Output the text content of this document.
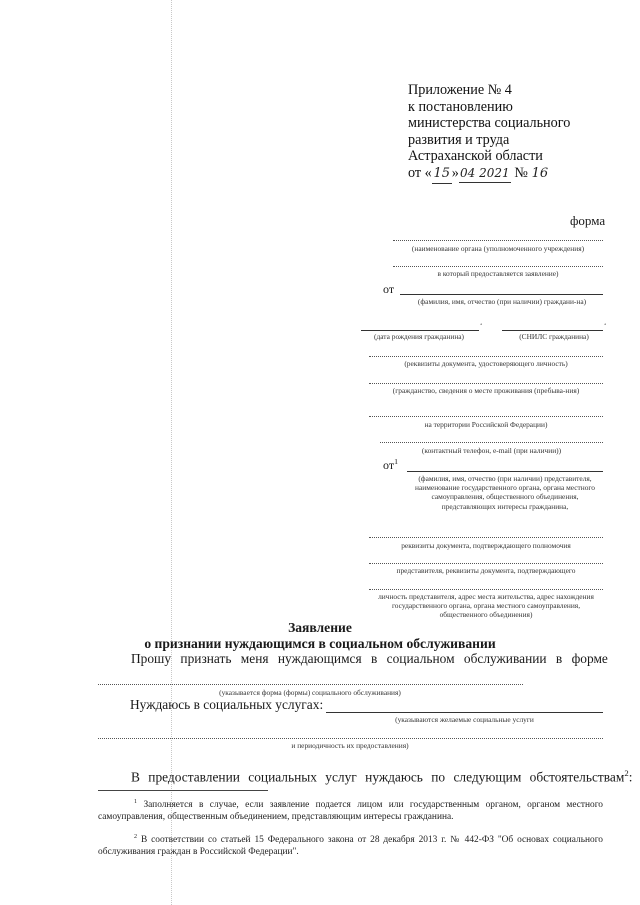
Приложение № 4
к постановлению
министерства социального
развития и труда
Астраханской области
от « 15 »04 2021 № 16
форма
(наименование органа (уполномоченного учреждения)
в который предоставляется заявление)
от
(фамилия, имя, отчество (при наличии) граждани-на)
‘
(дата рождения гражданина)
‘
(СНИЛС гражданина)
(реквизиты документа, удостоверяющего личность)
(гражданство, сведения о месте проживания (пребыва-ния)
на территории Российской Федерации)
(контактный телефон, e-mail (при наличии))
$от^1$
(фамилия, имя, отчество (при наличии) представителя, наименование государственного органа, органа местного самоуправления, общественного объединения, представляющих интересы гражданина,
реквизиты документа, подтверждающего полномочия
представителя, реквизиты документа, подтверждающего
личность представителя, адрес места жительства, адрес нахождения государственного органа, органа местного самоуправления, общественного объединения)
Заявление
о признании нуждающимся в социальном обслуживании
Прошу признать меня нуждающимся в социальном обслуживании в форме
(указывается форма (формы) социального обслуживания)
Нуждаюсь в социальных услугах:
(указываются желаемые социальные услуги
и периодичность их предоставления)
В предоставлении социальных услуг нуждаюсь по следующим обстоятельствам$^2$:
$^1$ Заполняется в случае, если заявление подается лицом или государственным органом, органом местного самоуправления, общественным объединением, представляющим интересы гражданина.
$^2$ В соответствии со статьей 15 Федерального закона от 28 декабря 2013 г. № 442-ФЗ "Об основах социального обслуживания граждан в Российской Федерации".
